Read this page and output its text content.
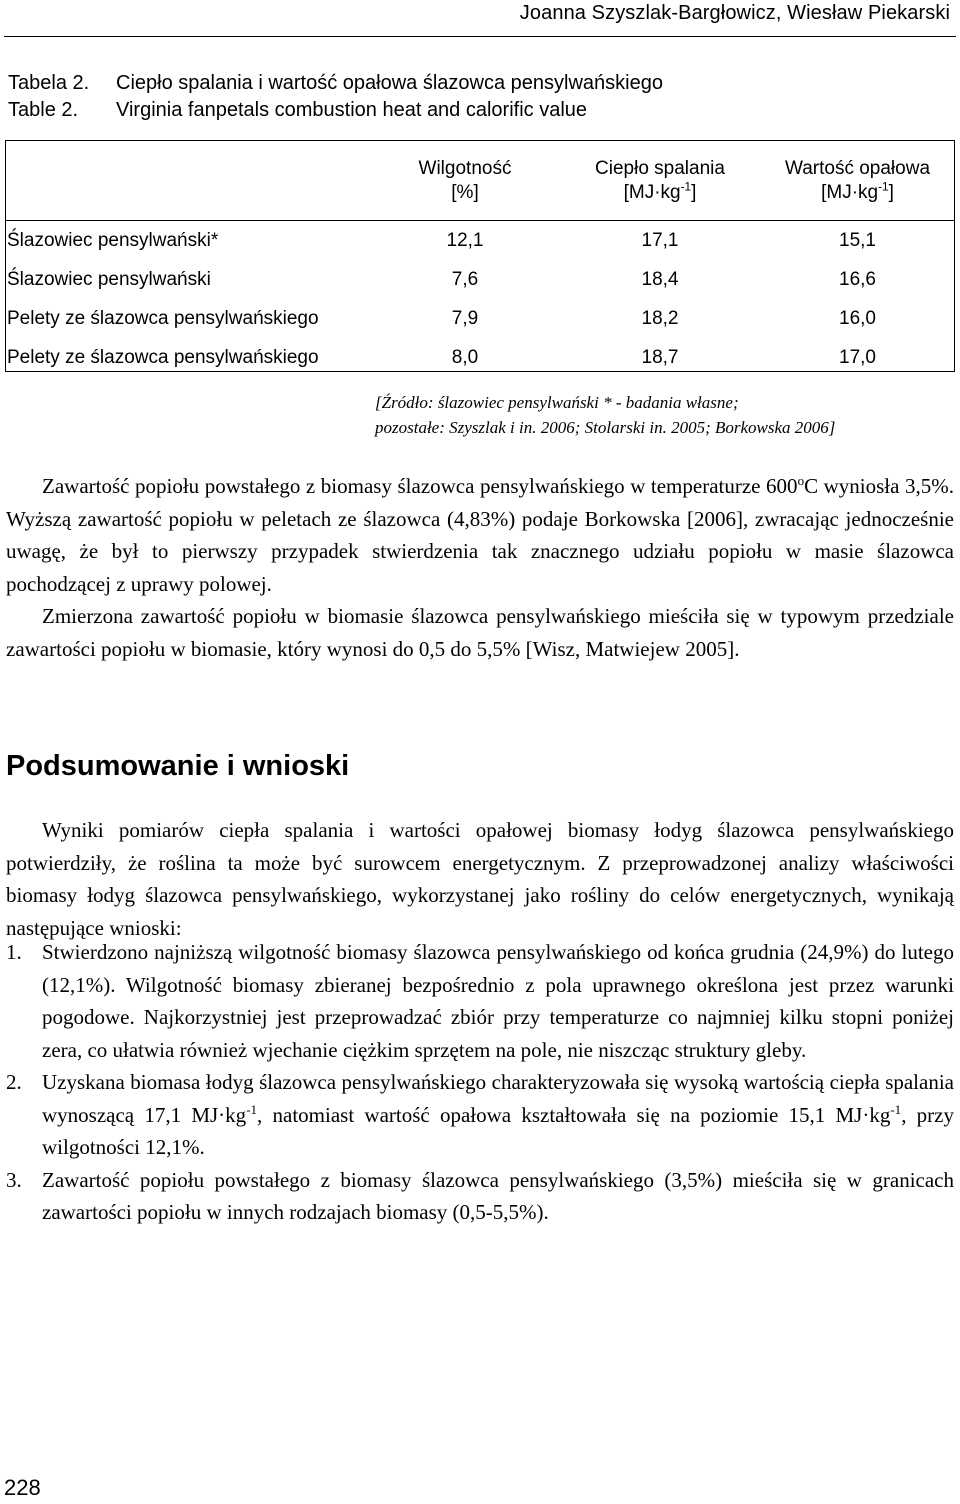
Joanna Szyszlak-Bargłowicz, Wiesław Piekarski
Tabela 2. Ciepło spalania i wartość opałowa ślazowca pensylwańskiego
Table 2. Virginia fanpetals combustion heat and calorific value
	Wilgotność	Ciepło spalania	Wartość opałowa
	[%]	$[MJ\cdot kg^{-1}]$	$[MJ\cdot kg^{-1}]$
Ślazowiec pensylwański*	12,1	17,1	15,1
Ślazowiec pensylwański	7,6	18,4	16,6
Pelety ze ślazowca pensylwańskiego	7,9	18,2	16,0
Pelety ze ślazowca pensylwańskiego	8,0	18,7	17,0
[Źródło: ślazowiec pensylwański * - badania własne;
pozostałe: Szyszlak i in. 2006; Stolarski in. 2005; Borkowska 2006]
Zawartość popiołu powstałego z biomasy ślazowca pensylwańskiego w temperaturze 600$^o$C wyniosła 3,5%. Wyższą zawartość popiołu w peletach ze ślazowca (4,83%) podaje Borkowska [2006], zwracając jednocześnie uwagę, że był to pierwszy przypadek stwierdzenia tak znacznego udziału popiołu w masie ślazowca pochodzącej z uprawy polowej.
Zmierzona zawartość popiołu w biomasie ślazowca pensylwańskiego mieściła się w typowym przedziale zawartości popiołu w biomasie, który wynosi do 0,5 do 5,5% [Wisz, Matwiejew 2005].
Podsumowanie i wnioski
Wyniki pomiarów ciepła spalania i wartości opałowej biomasy łodyg ślazowca pensylwańskiego potwierdziły, że roślina ta może być surowcem energetycznym. Z przeprowadzonej analizy właściwości biomasy łodyg ślazowca pensylwańskiego, wykorzystanej jako rośliny do celów energetycznych, wynikają następujące wnioski:
1. Stwierdzono najniższą wilgotność biomasy ślazowca pensylwańskiego od końca grudnia (24,9%) do lutego (12,1%). Wilgotność biomasy zbieranej bezpośrednio z pola uprawnego określona jest przez warunki pogodowe. Najkorzystniej jest przeprowadzać zbiór przy temperaturze co najmniej kilku stopni poniżej zera, co ułatwia również wjechanie ciężkim sprzętem na pole, nie niszcząc struktury gleby.
2. Uzyskana biomasa łodyg ślazowca pensylwańskiego charakteryzowała się wysoką wartością ciepła spalania wynoszącą 17,1 $MJ\cdot kg^{-1}$, natomiast wartość opałowa kształtowała się na poziomie 15,1 $MJ\cdot kg^{-1}$, przy wilgotności 12,1%.
3. Zawartość popiołu powstałego z biomasy ślazowca pensylwańskiego (3,5%) mieściła się w granicach zawartości popiołu w innych rodzajach biomasy (0,5-5,5%).
228
